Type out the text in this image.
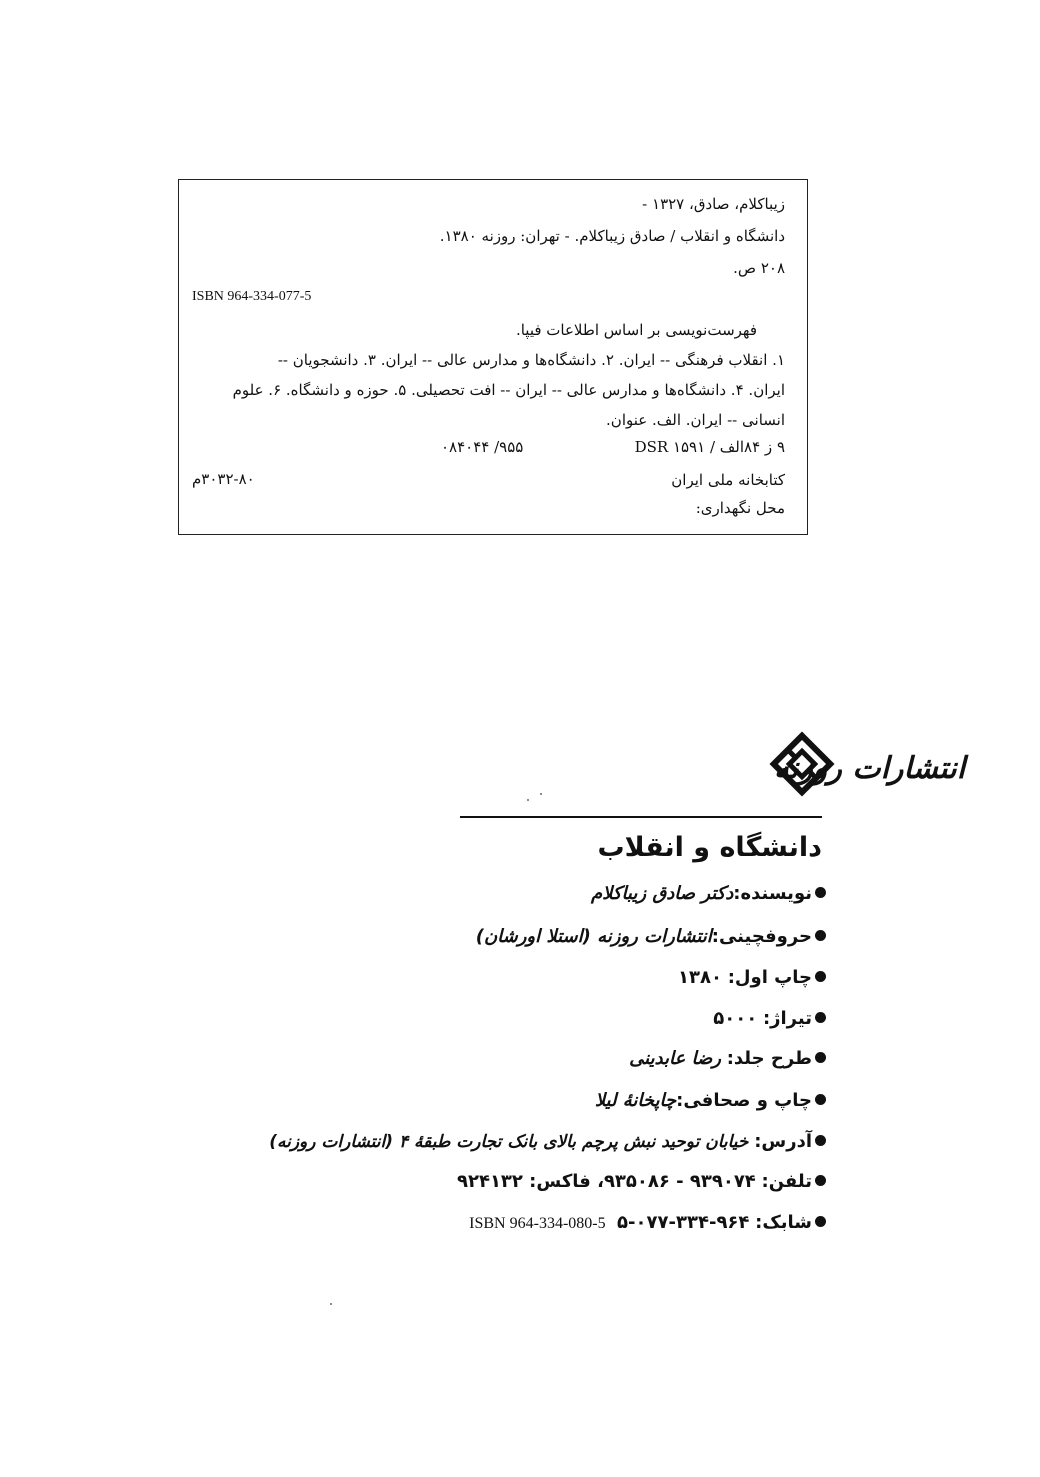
زیباکلام، صادق، ۱۳۲۷ -
دانشگاه و انقلاب / صادق زیباکلام. - تهران: روزنه ۱۳۸۰.
۲۰۸ ص.
ISBN 964-334-077-5
فهرست‌نویسی بر اساس اطلاعات فیپا.
۱. انقلاب فرهنگی -- ایران. ۲. دانشگاه‌ها و مدارس عالی -- ایران. ۳. دانشجویان --
ایران. ۴. دانشگاه‌ها و مدارس عالی -- ایران -- افت تحصیلی. ۵. حوزه و دانشگاه. ۶. علوم
انسانی -- ایران. الف. عنوان.
۹ ز ۸۴الف / DSR ۱۵۹۱
۹۵۵/ ۰۸۴۰۴۴
کتابخانه ملی ایران
۳۰۳۲-۸۰م
محل نگهداری:
انتشارات روزنه
دانشگاه و انقلاب
نویسنده:دکتر صادق زیباکلام
حروفچینی:انتشارات روزنه (استلا اورشان)
چاپ اول: ۱۳۸۰
تیراژ: ۵۰۰۰
طرح جلد: رضا عابدینی
چاپ و صحافی:چاپخانهٔ لیلا
آدرس: خیابان توحید نبش پرچم بالای بانک تجارت طبقهٔ ۴ (انتشارات روزنه)
تلفن: ۹۳۹۰۷۴ - ۹۳۵۰۸۶، فاکس: ۹۲۴۱۳۲
شابک: ۹۶۴-۳۳۴-۰۷۷-۵  ISBN 964-334-080-5
